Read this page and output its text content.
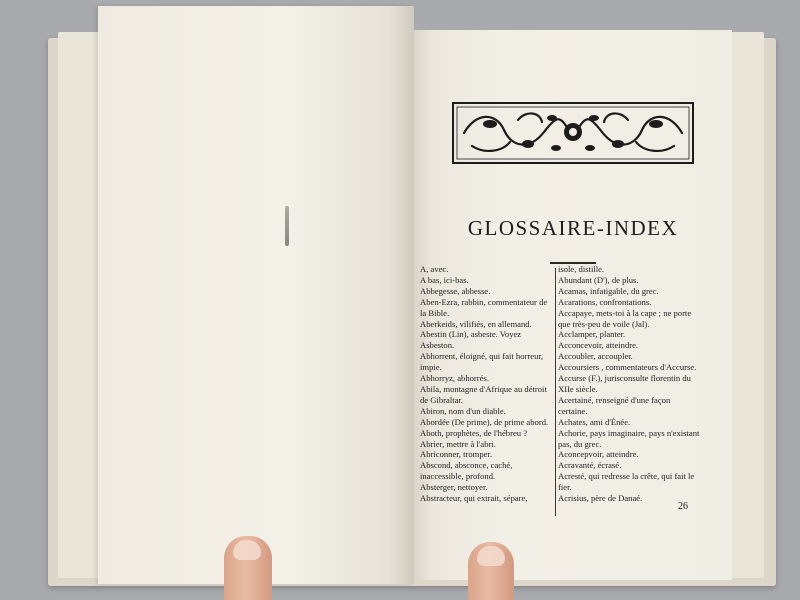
GLOSSAIRE-INDEX
A, avec.
A bas, ici-bas.
Abbegesse, abbesse.
Aben-Ezra, rabbin, commentateur de la Bible.
Aberkeids, vilifiés, en allemand.
Abestin (Lin), asbeste. Voyez Asbeston.
Abhorrent, éloigné, qui fait horreur, impie.
Abhorryz, abhorrés.
Abila, montagne d'Afrique au détroit de Gibraltar.
Abiron, nom d'un diable.
Abordée (De prime), de prime abord.
Aboth, prophètes, de l'hébreu ?
Abrier, mettre à l'abri.
Abriconner, tromper.
Abscond, absconce, caché, inaccessible, profond.
Absterger, nettoyer.
Abstracteur, qui extrait, sépare,
isole, distille.
Abundant (D'), de plus.
Acamas, infatigable, du grec.
Acarations, confrontations.
Accapaye, mets-toi à la cape ; ne porte que très-peu de voile (Jal).
Acclamper, planter.
Acconcevoir, atteindre.
Accoubler, accoupler.
Accoursiers , commentateurs d'Accurse.
Accurse (F.), jurisconsulte florentin du XIIe siècle.
Acertainé, renseigné d'une façon certaine.
Achates, ami d'Énée.
Achorie, pays imaginaire, pays n'existant pas, du grec.
Aconcepvoir, atteindre.
Acravanté, écrasé.
Acresté, qui redresse la crête, qui fait le fier.
Acrisius, père de Danaé.
26
